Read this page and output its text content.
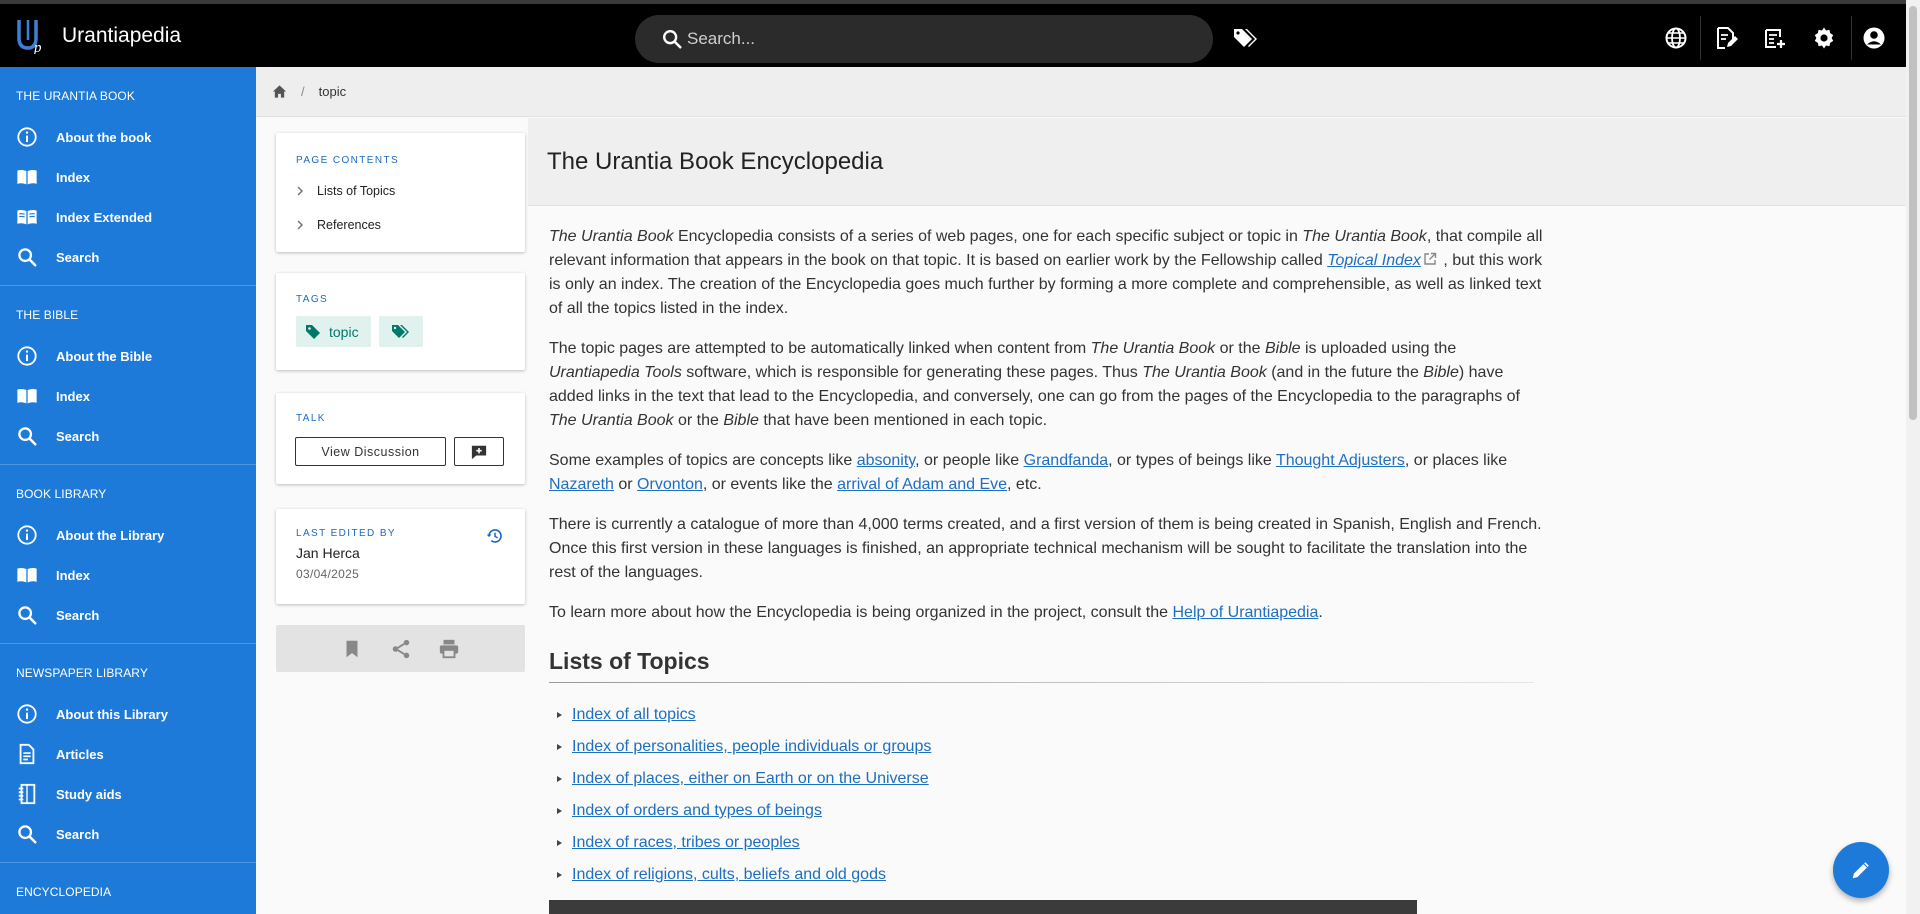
p
Urantiapedia
Search...
THE URANTIA BOOK
About the book
Index
Index Extended
Search
THE BIBLE
About the Bible
Index
Search
BOOK LIBRARY
About the Library
Index
Search
NEWSPAPER LIBRARY
About this Library
Articles
Study aids
Search
ENCYCLOPEDIA
/ topic
The Urantia Book Encyclopedia
PAGE CONTENTS
Lists of Topics
References
TAGS
topic

TALK
View Discussion
LAST EDITED BY
Jan Herca
03/04/2025

The Urantia Book Encyclopedia consists of a series of web pages, one for each specific subject or topic in The Urantia Book, that compile all relevant information that appears in the book on that topic. It is based on earlier work by the Fellowship called Topical Index , but this work is only an index. The creation of the Encyclopedia goes much further by forming a more complete and comprehensible, as well as linked text of all the topics listed in the index.

The topic pages are attempted to be automatically linked when content from The Urantia Book or the Bible is uploaded using the Urantiapedia Tools software, which is responsible for generating these pages. Thus The Urantia Book (and in the future the Bible) have added links in the text that lead to the Encyclopedia, and conversely, one can go from the pages of the Encyclopedia to the paragraphs of The Urantia Book or the Bible that have been mentioned in each topic.

Some examples of topics are concepts like absonity, or people like Grandfanda, or types of beings like Thought Adjusters, or places like Nazareth or Orvonton, or events like the arrival of Adam and Eve, etc.

There is currently a catalogue of more than 4,000 terms created, and a first version of them is being created in Spanish, English and French. Once this first version in these languages is finished, an appropriate technical mechanism will be sought to facilitate the translation into the rest of the languages.

To learn more about how the Encyclopedia is being organized in the project, consult the Help of Urantiapedia.

Lists of Topics
Index of all topics
Index of personalities, people individuals or groups
Index of places, either on Earth or on the Universe
Index of orders and types of beings
Index of races, tribes or peoples
Index of religions, cults, beliefs and old gods
